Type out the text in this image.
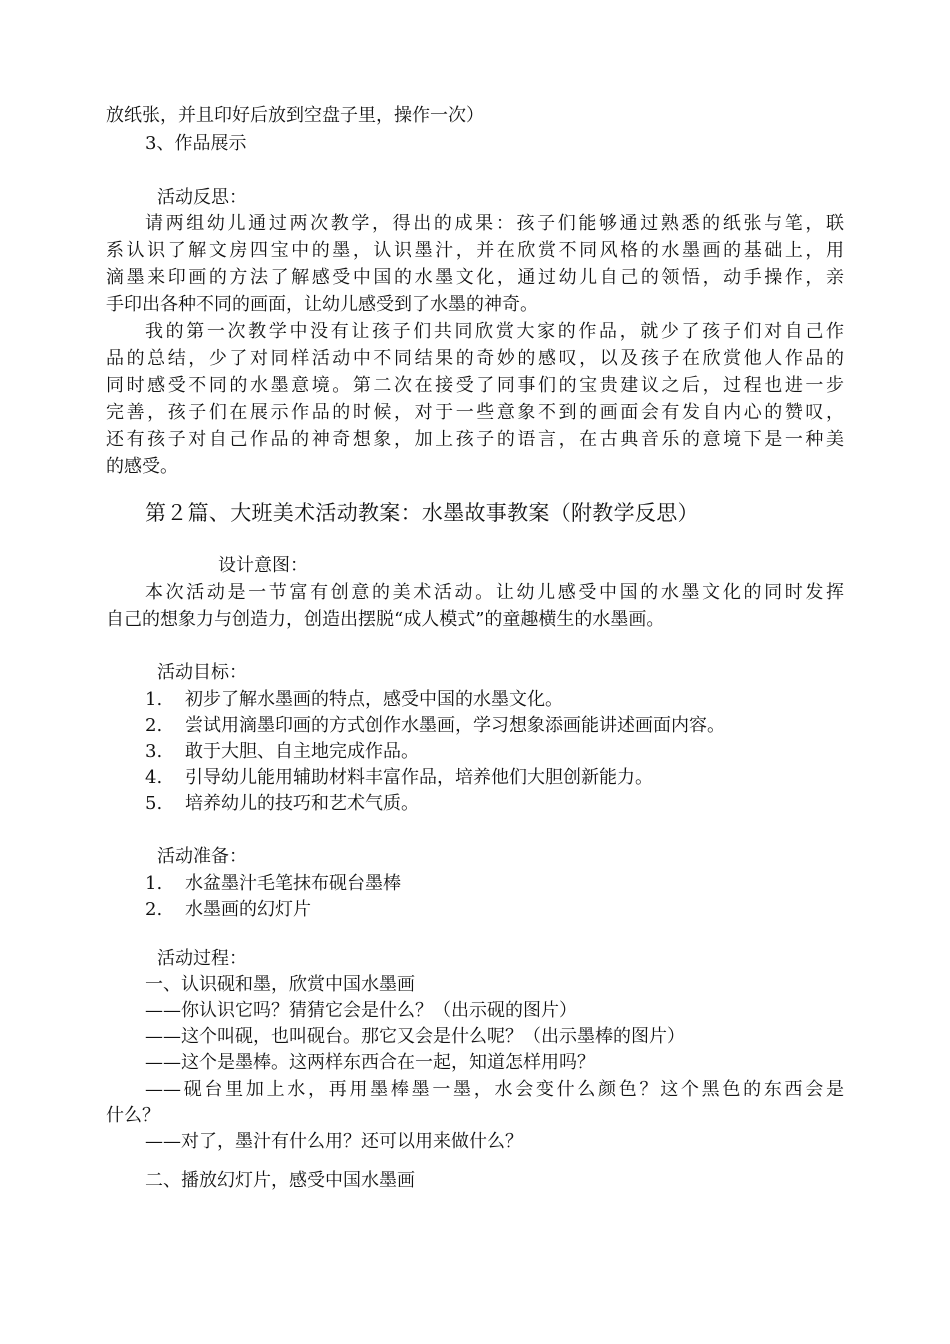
放纸张，并且印好后放到空盘子里，操作一次）
3、作品展示
活动反思：
请两组幼儿通过两次教学，得出的成果：孩子们能够通过熟悉的纸张与笔，联
系认识了解文房四宝中的墨，认识墨汁，并在欣赏不同风格的水墨画的基础上，用
滴墨来印画的方法了解感受中国的水墨文化，通过幼儿自己的领悟，动手操作，亲
手印出各种不同的画面，让幼儿感受到了水墨的神奇。
我的第一次教学中没有让孩子们共同欣赏大家的作品，就少了孩子们对自己作
品的总结，少了对同样活动中不同结果的奇妙的感叹，以及孩子在欣赏他人作品的
同时感受不同的水墨意境。第二次在接受了同事们的宝贵建议之后，过程也进一步
完善，孩子们在展示作品的时候，对于一些意象不到的画面会有发自内心的赞叹，
还有孩子对自己作品的神奇想象，加上孩子的语言，在古典音乐的意境下是一种美
的感受。
第２篇、大班美术活动教案：水墨故事教案（附教学反思）
设计意图：
本次活动是一节富有创意的美术活动。让幼儿感受中国的水墨文化的同时发挥
自己的想象力与创造力，创造出摆脱“成人模式”的童趣横生的水墨画。
活动目标：
1. 初步了解水墨画的特点，感受中国的水墨文化。
2. 尝试用滴墨印画的方式创作水墨画，学习想象添画能讲述画面内容。
3. 敢于大胆、自主地完成作品。
4. 引导幼儿能用辅助材料丰富作品，培养他们大胆创新能力。
5. 培养幼儿的技巧和艺术气质。
活动准备：
1. 水盆墨汁毛笔抹布砚台墨棒
2. 水墨画的幻灯片
活动过程：
一、认识砚和墨，欣赏中国水墨画
——你认识它吗？猜猜它会是什么？（出示砚的图片）
——这个叫砚，也叫砚台。那它又会是什么呢？（出示墨棒的图片）
——这个是墨棒。这两样东西合在一起，知道怎样用吗？
——砚台里加上水，再用墨棒墨一墨，水会变什么颜色？这个黑色的东西会是
什么？
——对了，墨汁有什么用？还可以用来做什么？
二、播放幻灯片，感受中国水墨画
